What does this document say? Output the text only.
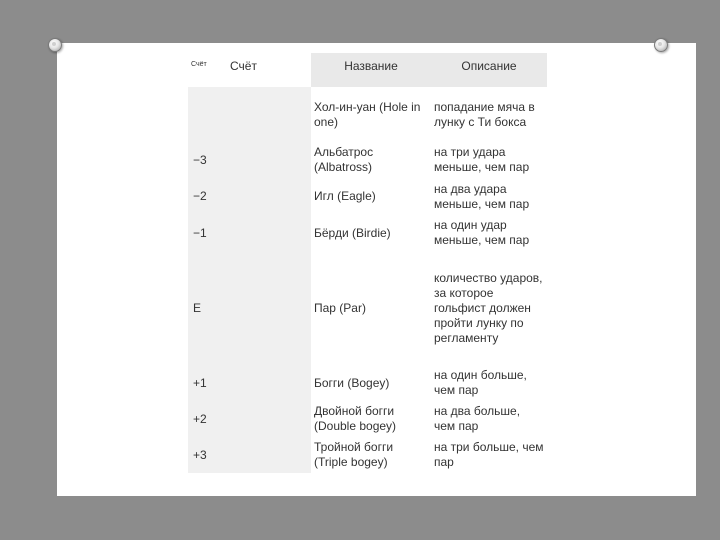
Счёт	Счёт	Название	Описание
		Хол-ин-уан (Hole in one)	попадание мяча в лунку с Ти бокса
−3		Альбатрос (Albatross)	на три удара меньше, чем пар
−2		Игл (Eagle)	на два удара меньше, чем пар
−1		Бёрди (Birdie)	на один удар меньше, чем пар
E		Пар (Par)	количество ударов, за которое гольфист должен пройти лунку по регламенту
+1		Богги (Bogey)	на один больше, чем пар
+2		Двойной богги (Double bogey)	на два больше, чем пар
+3		Тройной богги (Triple bogey)	на три больше, чем пар
